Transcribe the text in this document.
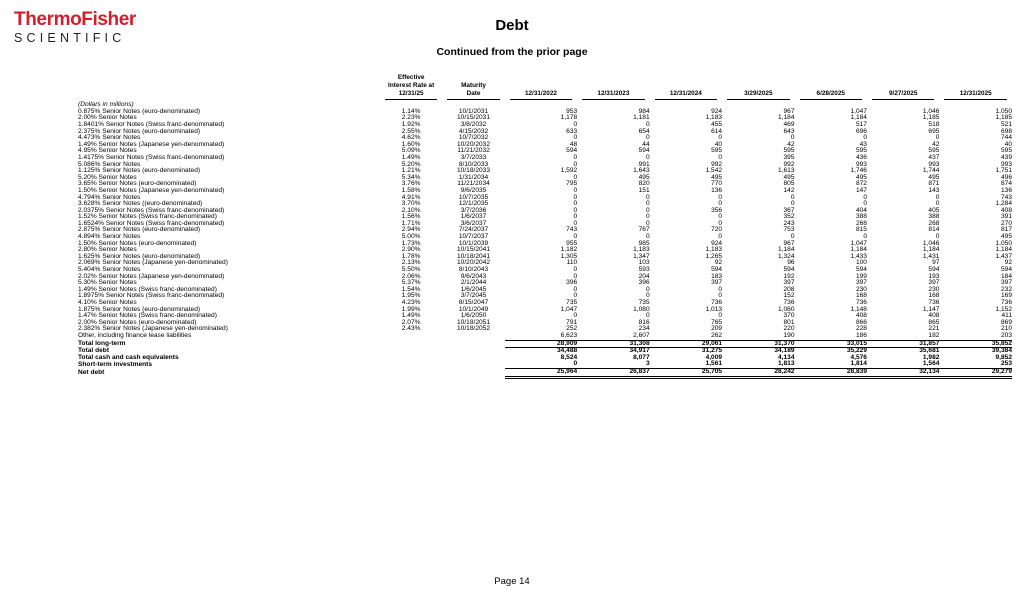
ThermoFisher
SCIENTIFIC
Debt
Continued from the prior page

Effective
Interest Rate at
12/31/25

Maturity
Date	12/31/2022	12/31/2023	12/31/2024	3/29/2025	6/28/2025	9/27/2025	12/31/2025

(Dollars in millions)									
0.875% Senior Notes (euro-denominated)	1.14%	10/1/2031	953	984	924	967	1,047	1,046	1,050
2.00% Senior Notes	2.23%	10/15/2031	1,178	1,181	1,183	1,184	1,184	1,185	1,185
1.8401% Senior Notes (Swiss franc-denominated)	1.92%	3/8/2032	0	0	455	469	517	518	521
2.375% Senior Notes (euro-denominated)	2.55%	4/15/2032	633	654	614	643	696	695	698
4.473% Senior Notes	4.62%	10/7/2032	0	0	0	0	0	0	744
1.49% Senior Notes (Japanese yen-denominated)	1.60%	10/20/2032	48	44	40	42	43	42	40
4.95% Senior Notes	5.09%	11/21/2032	594	594	595	595	595	595	595
1.4175% Senior Notes (Swiss franc-denominated)	1.49%	3/7/2033	0	0	0	395	436	437	439
5.086% Senior Notes	5.20%	8/10/2033	0	991	992	992	993	993	993
1.125% Senior Notes (euro-denominated)	1.21%	10/18/2033	1,592	1,643	1,542	1,613	1,746	1,744	1,751
5.20% Senior Notes	5.34%	1/31/2034	0	495	495	495	495	495	496
3.65% Senior Notes (euro-denominated)	3.76%	11/21/2034	795	820	770	805	872	871	874
1.50% Senior Notes (Japanese yen-denominated)	1.58%	9/6/2035	0	151	136	142	147	143	136
4.794% Senior Notes	4.91%	10/7/2035	0	0	0	0	0	0	743
3.628% Senior Notes ((euro-denominated)	3.70%	12/1/2035	0	0	0	0	0	0	1,284
2.0375% Senior Notes (Swiss franc-denominated)	2.10%	3/7/2036	0	0	356	367	404	405	408
1.52% Senior Notes (Swiss franc-denominated)	1.56%	1/6/2037	0	0	0	352	388	388	391
1.6524% Senior Notes (Swiss franc-denominated)	1.71%	3/6/2037	0	0	0	243	268	268	270
2.875% Senior Notes (euro-denominated)	2.94%	7/24/2037	743	767	720	753	815	814	817
4.894% Senior Notes	5.00%	10/7/2037	0	0	0	0	0	0	495
1.50% Senior Notes (euro-denominated)	1.73%	10/1/2039	955	985	924	967	1,047	1,046	1,050
2.80% Senior Notes	2.90%	10/15/2041	1,182	1,183	1,183	1,184	1,184	1,184	1,184
1.625% Senior Notes (euro-denominated)	1.78%	10/18/2041	1,305	1,347	1,265	1,324	1,433	1,431	1,437
2.069% Senior Notes (Japanese yen-denominated)	2.13%	10/20/2042	110	103	92	96	100	97	92
5.404% Senior Notes	5.50%	8/10/2043	0	593	594	594	594	594	594
2.02% Senior Notes (Japanese yen-denominated)	2.06%	9/6/2043	0	204	183	192	199	193	184
5.30% Senior Notes	5.37%	2/1/2044	396	396	397	397	397	397	397
1.49% Senior Notes (Swiss franc-denominated)	1.54%	1/6/2045	0	0	0	208	230	230	232
1.8975% Senior Notes (Swiss franc-denominated)	1.95%	3/7/2045	0	0	0	152	168	168	169
4.10% Senior Notes	4.23%	8/15/2047	735	735	736	736	736	736	736
1.875% Senior Notes (euro-denominated)	1.99%	10/1/2049	1,047	1,080	1,013	1,060	1,148	1,147	1,152
1.47% Senior Notes (Swiss franc-denominated)	1.49%	1/6/2050	0	0	0	370	408	408	411
2.00% Senior Notes (euro-denominated)	2.07%	10/18/2051	791	816	765	801	866	865	869
2.382% Senior Notes (Japanese yen-denominated)	2.43%	10/18/2052	252	234	209	220	228	221	210
Other, including finance lease liabilities			6,623	2,607	262	190	186	182	203
Total long-term			28,909	31,308	29,061	31,370	33,015	31,857	35,852
Total debt			34,488	34,917	31,275	34,189	35,229	35,681	39,384
Total cash and cash equivalents			8,524	8,077	4,009	4,134	4,576	1,982	9,852
Short-term investments			0	3	1,561	1,813	1,814	1,564	253
Net debt			25,964	26,837	25,705	28,242	28,839	32,134	29,279
Page 14
